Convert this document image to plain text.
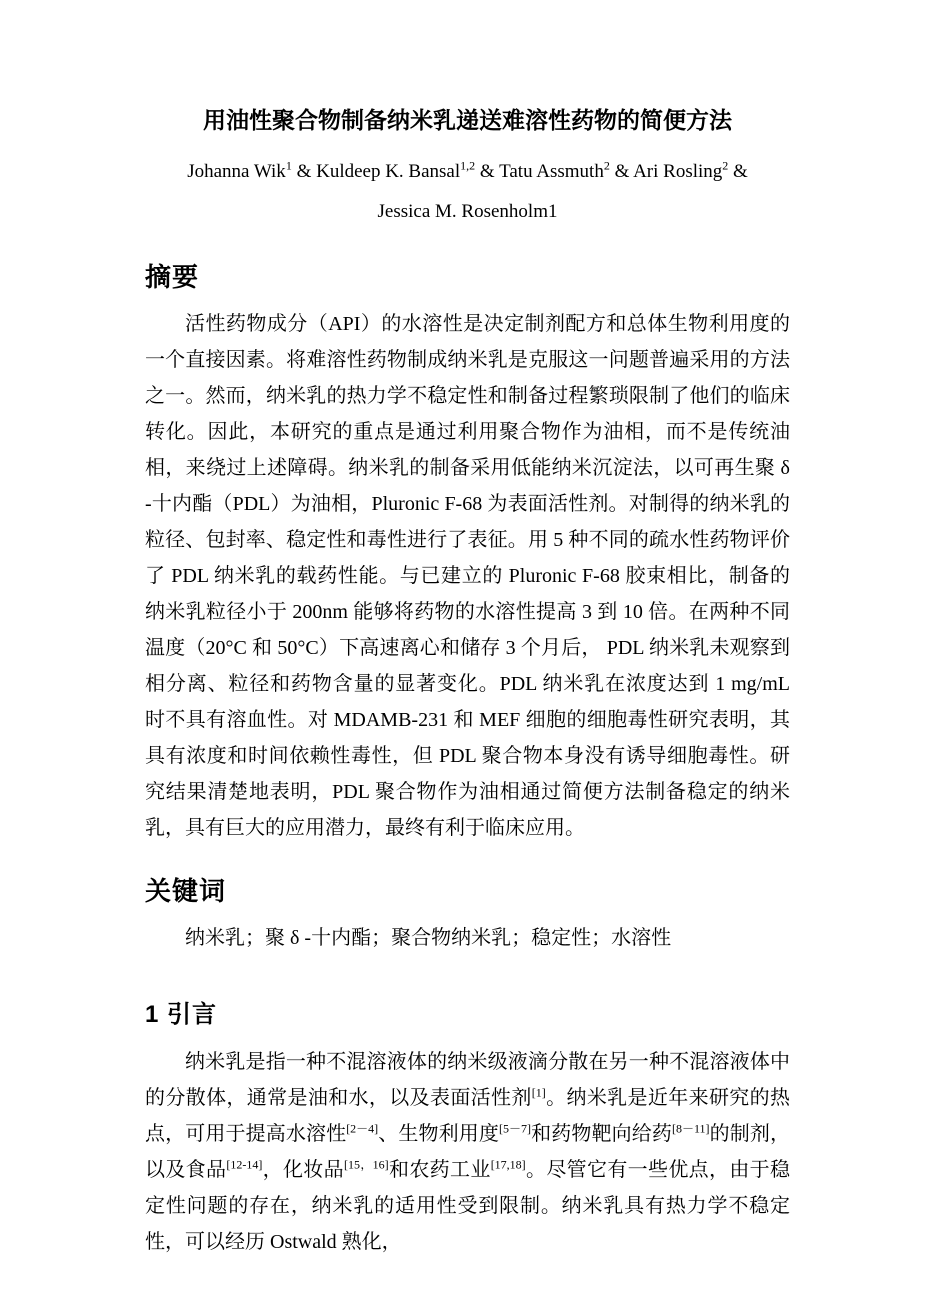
用油性聚合物制备纳米乳递送难溶性药物的简便方法
Johanna Wik$^1$ & Kuldeep K. Bansal$^{1,2}$ & Tatu Assmuth$^2$ & Ari Rosling$^2$ &
Jessica M. Rosenholm1
摘要

活性药物成分（API）的水溶性是决定制剂配方和总体生物利用度的一个直接因素。将难溶性药物制成纳米乳是克服这一问题普遍采用的方法之一。然而，纳米乳的热力学不稳定性和制备过程繁琐限制了他们的临床转化。因此，本研究的重点是通过利用聚合物作为油相，而不是传统油相，来绕过上述障碍。纳米乳的制备采用低能纳米沉淀法，以可再生聚 δ -十内酯（PDL）为油相，Pluronic F-68 为表面活性剂。对制得的纳米乳的粒径、包封率、稳定性和毒性进行了表征。用 5 种不同的疏水性药物评价了 PDL 纳米乳的载药性能。与已建立的 Pluronic F-68 胶束相比，制备的纳米乳粒径小于 200nm 能够将药物的水溶性提高 3 到 10 倍。在两种不同温度（20°C 和 50°C）下高速离心和储存 3 个月后， PDL 纳米乳未观察到相分离、粒径和药物含量的显著变化。PDL 纳米乳在浓度达到 1 mg/mL 时不具有溶血性。对 MDAMB-231 和 MEF 细胞的细胞毒性研究表明，其具有浓度和时间依赖性毒性，但 PDL 聚合物本身没有诱导细胞毒性。研究结果清楚地表明，PDL 聚合物作为油相通过简便方法制备稳定的纳米乳，具有巨大的应用潜力，最终有利于临床应用。

关键词

纳米乳；聚 δ -十内酯；聚合物纳米乳；稳定性；水溶性

1 引言

纳米乳是指一种不混溶液体的纳米级液滴分散在另一种不混溶液体中的分散体，通常是油和水，以及表面活性剂[1]。纳米乳是近年来研究的热点，可用于提高水溶性[2－4]、生物利用度[5－7]和药物靶向给药[8－11]的制剂，以及食品[12-14]，化妆品[15，16]和农药工业[17,18]。尽管它有一些优点，由于稳定性问题的存在，纳米乳的适用性受到限制。纳米乳具有热力学不稳定性，可以经历 Ostwald 熟化，
